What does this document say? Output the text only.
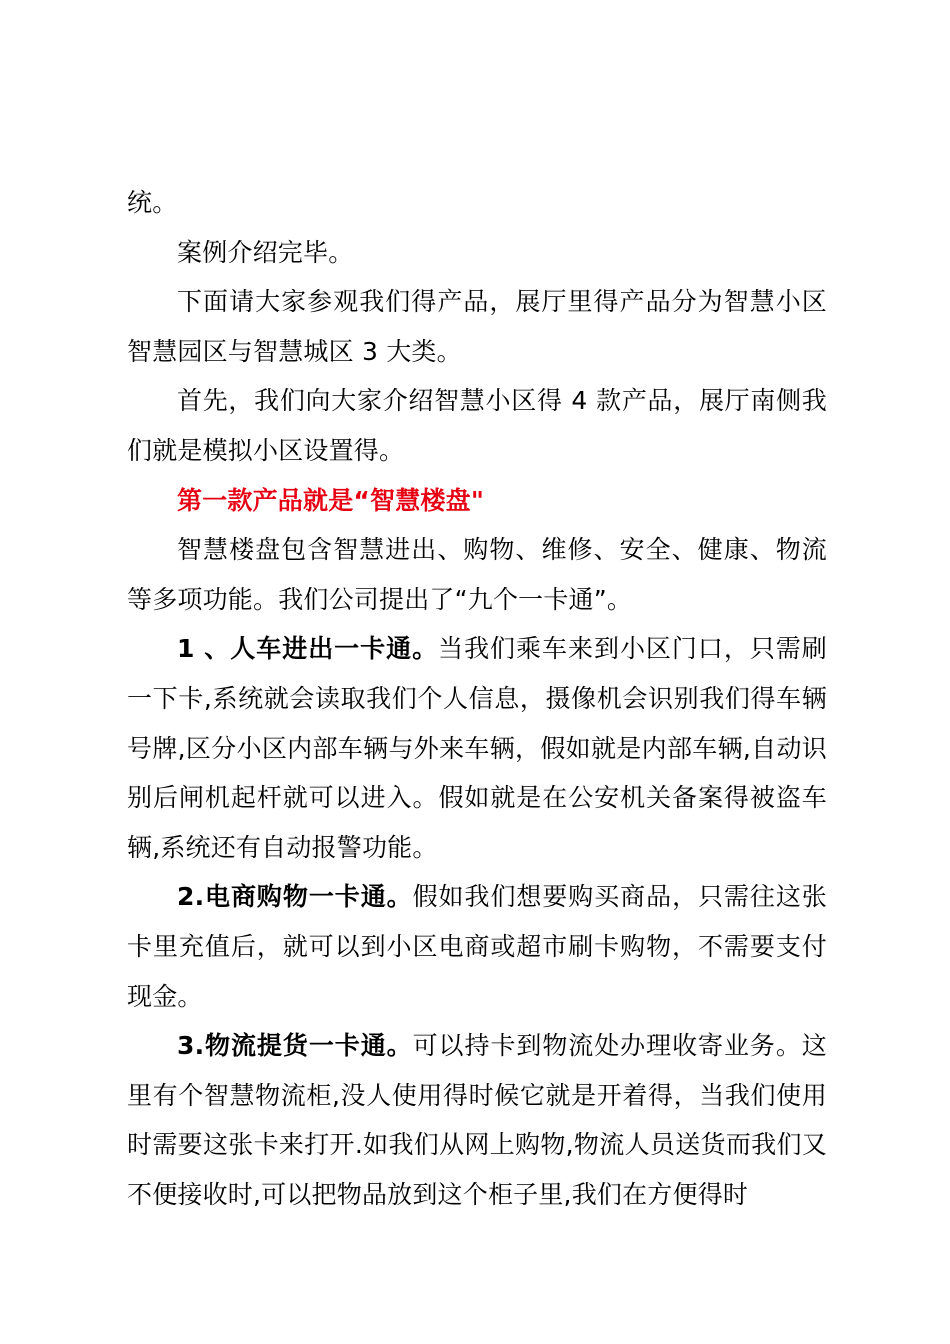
统。

案例介绍完毕。

下面请大家参观我们得产品，展厅里得产品分为智慧小区智慧园区与智慧城区 3 大类。

首先，我们向大家介绍智慧小区得 4 款产品，展厅南侧我们就是模拟小区设置得。

第一款产品就是“智慧楼盘"

智慧楼盘包含智慧进出、购物、维修、安全、健康、物流等多项功能。我们公司提出了“九个一卡通”。

1 、人车进出一卡通。当我们乘车来到小区门口，只需刷一下卡,系统就会读取我们个人信息，摄像机会识别我们得车辆号牌,区分小区内部车辆与外来车辆，假如就是内部车辆,自动识别后闸机起杆就可以进入。假如就是在公安机关备案得被盗车辆,系统还有自动报警功能。

2.电商购物一卡通。假如我们想要购买商品，只需往这张卡里充值后，就可以到小区电商或超市刷卡购物，不需要支付现金。

3.物流提货一卡通。可以持卡到物流处办理收寄业务。这里有个智慧物流柜,没人使用得时候它就是开着得，当我们使用时需要这张卡来打开.如我们从网上购物,物流人员送货而我们又不便接收时,可以把物品放到这个柜子里,我们在方便得时
